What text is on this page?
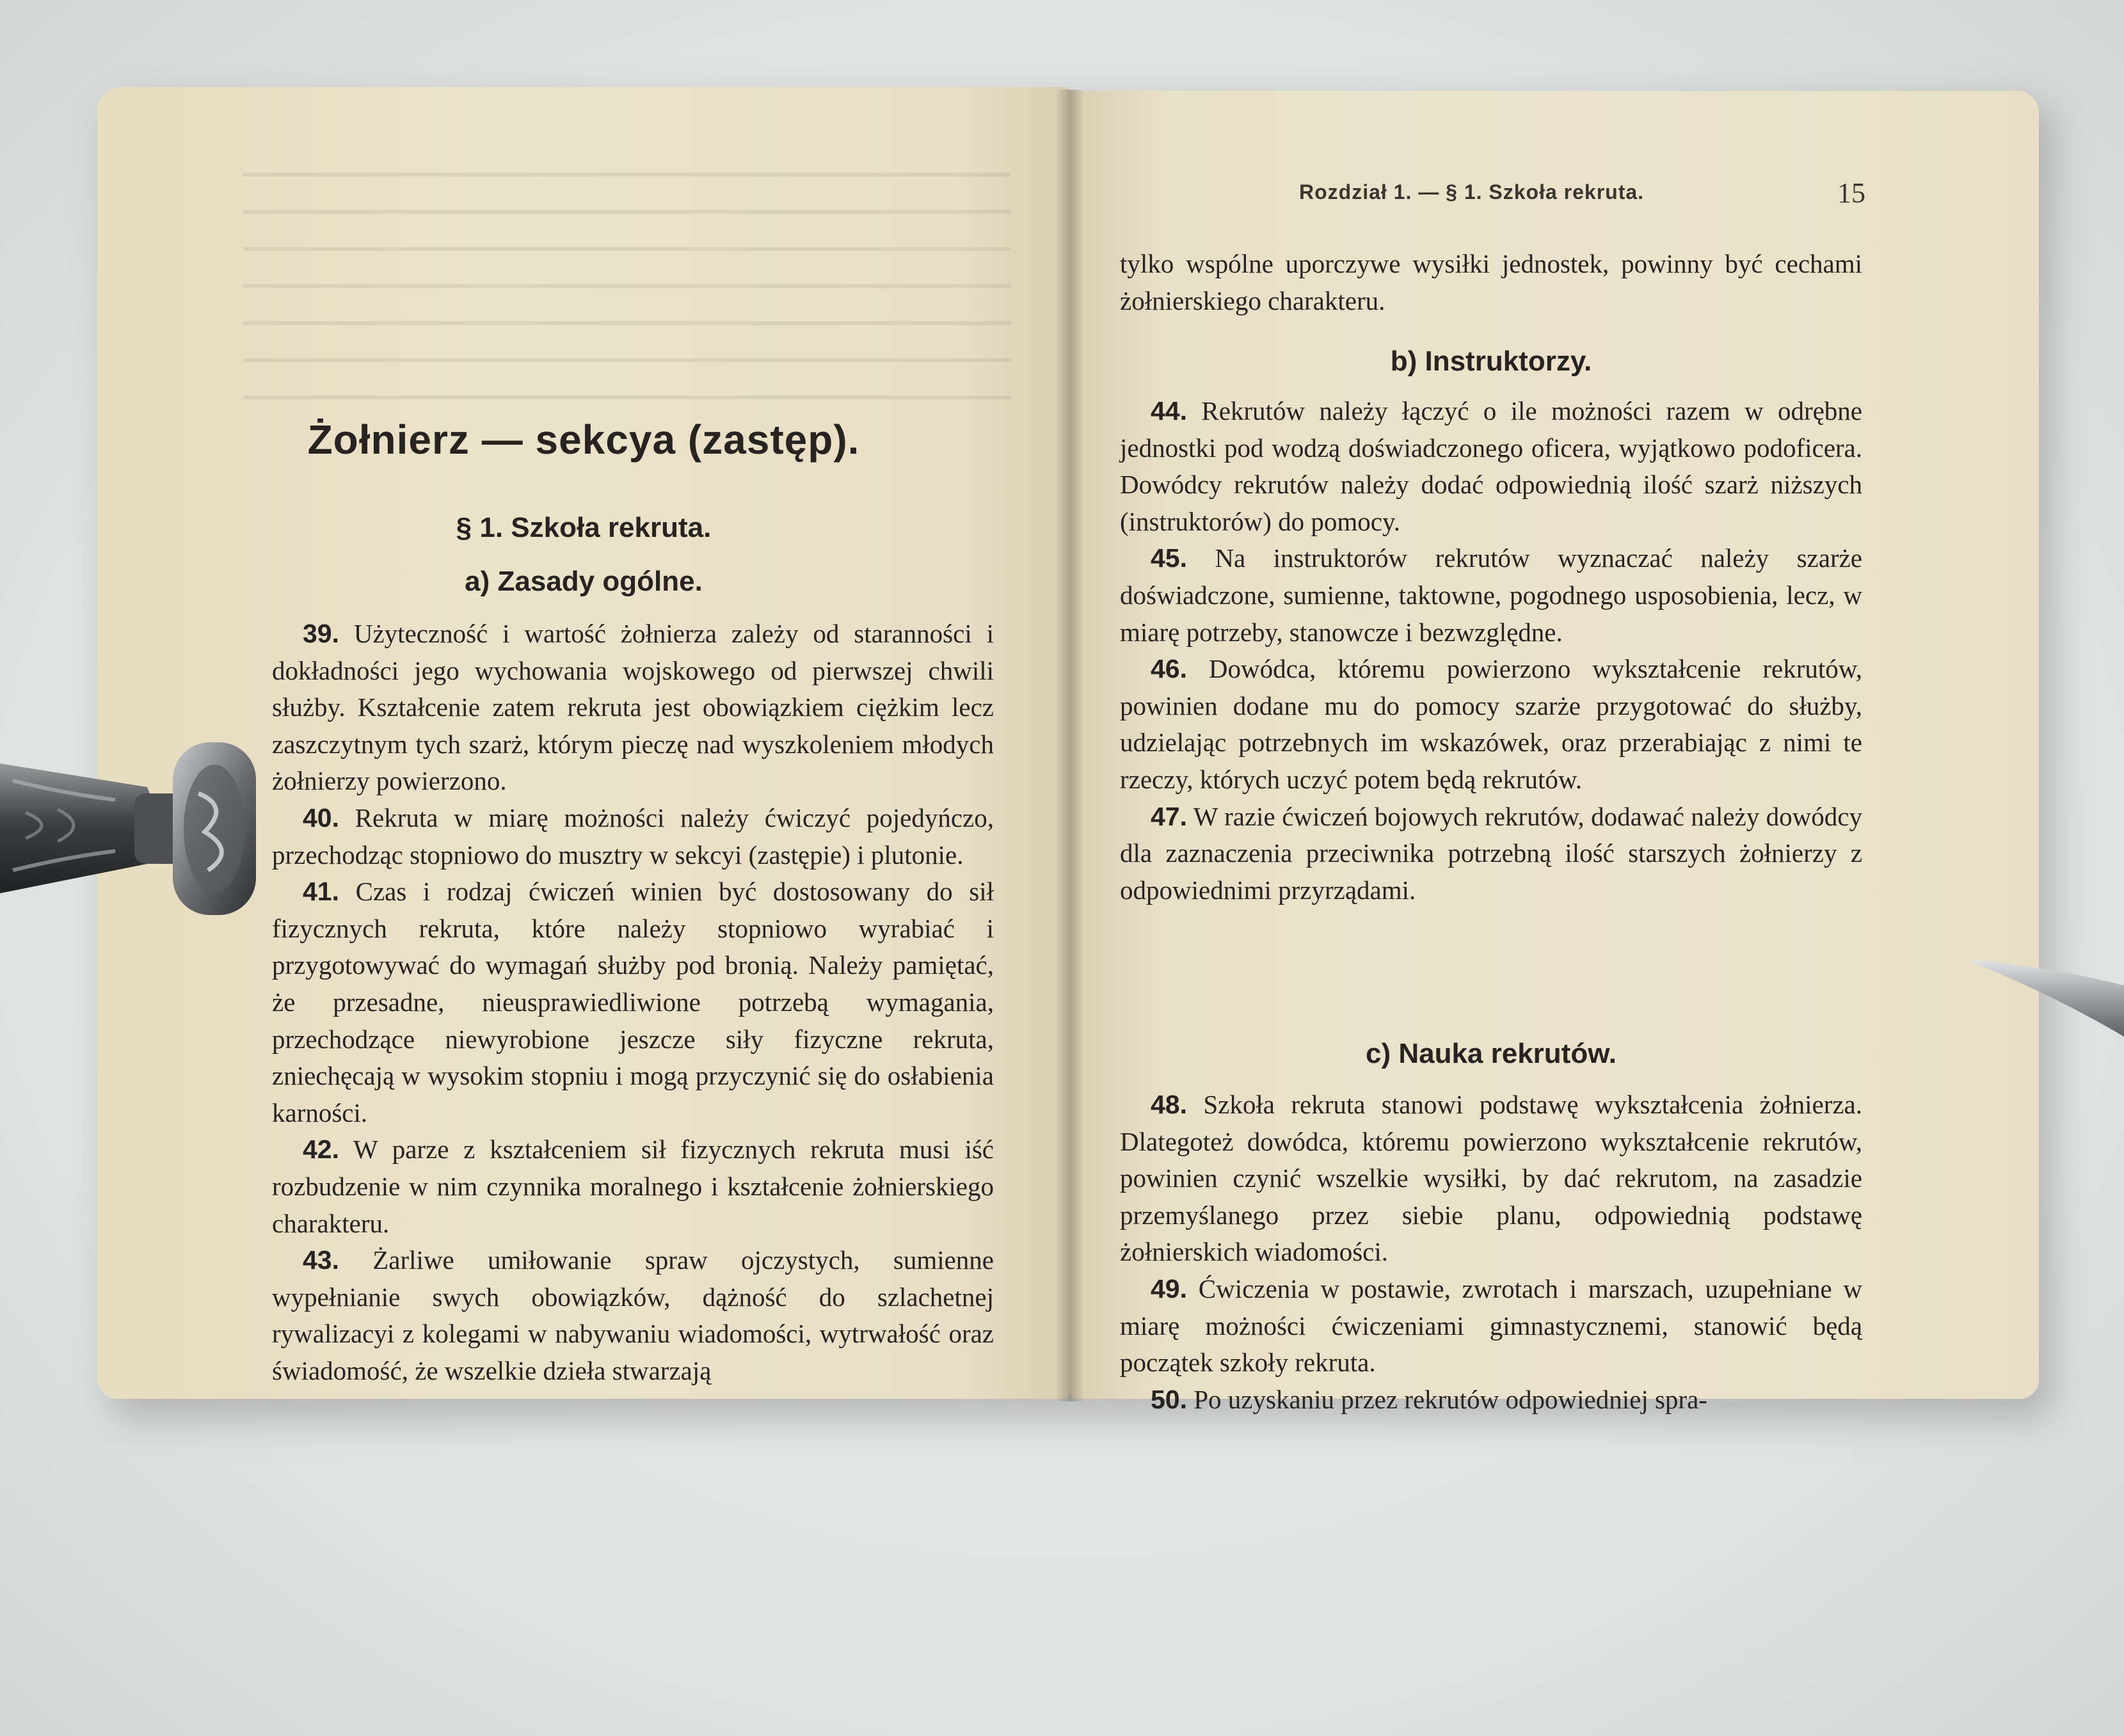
Żołnierz — sekcya (zastęp).
§ 1. Szkoła rekruta.
a) Zasady ogólne.

39. Użyteczność i wartość żołnierza zależy od staranności i dokładności jego wychowania wojskowego od pierwszej chwili służby. Kształcenie zatem rekruta jest obowiązkiem ciężkim lecz zaszczytnym tych szarż, którym pieczę nad wyszkoleniem młodych żołnierzy powierzono.

40. Rekruta w miarę możności należy ćwiczyć pojedyńczo, przechodząc stopniowo do musztry w sekcyi (zastępie) i plutonie.

41. Czas i rodzaj ćwiczeń winien być dostosowany do sił fizycznych rekruta, które należy stopniowo wyrabiać i przygotowywać do wymagań służby pod bronią. Należy pamiętać, że przesadne, nieusprawiedliwione potrzebą wymagania, przechodzące niewyrobione jeszcze siły fizyczne rekruta, zniechęcają w wysokim stopniu i mogą przyczynić się do osłabienia karności.

42. W parze z kształceniem sił fizycznych rekruta musi iść rozbudzenie w nim czynnika moralnego i kształcenie żołnierskiego charakteru.

43. Żarliwe umiłowanie spraw ojczystych, sumienne wypełnianie swych obowiązków, dążność do szlachetnej rywalizacyi z kolegami w nabywaniu wiadomości, wytrwałość oraz świadomość, że wszelkie dzieła stwarzają

Rozdział 1. — § 1. Szkoła rekruta.	15

tylko wspólne uporczywe wysiłki jednostek, powinny być cechami żołnierskiego charakteru.

b) Instruktorzy.

44. Rekrutów należy łączyć o ile możności razem w odrębne jednostki pod wodzą doświadczonego oficera, wyjątkowo podoficera. Dowódcy rekrutów należy dodać odpowiednią ilość szarż niższych (instruktorów) do pomocy.

45. Na instruktorów rekrutów wyznaczać należy szarże doświadczone, sumienne, taktowne, pogodnego usposobienia, lecz, w miarę potrzeby, stanowcze i bezwzględne.

46. Dowódca, któremu powierzono wykształcenie rekrutów, powinien dodane mu do pomocy szarże przygotować do służby, udzielając potrzebnych im wskazówek, oraz przerabiając z nimi te rzeczy, których uczyć potem będą rekrutów.

47. W razie ćwiczeń bojowych rekrutów, dodawać należy dowódcy dla zaznaczenia przeciwnika potrzebną ilość starszych żołnierzy z odpowiednimi przyrządami.

c) Nauka rekrutów.

48. Szkoła rekruta stanowi podstawę wykształcenia żołnierza. Dlategoteż dowódca, któremu powierzono wykształcenie rekrutów, powinien czynić wszelkie wysiłki, by dać rekrutom, na zasadzie przemyślanego przez siebie planu, odpowiednią podstawę żołnierskich wiadomości.

49. Ćwiczenia w postawie, zwrotach i marszach, uzupełniane w miarę możności ćwiczeniami gimnastycznemi, stanowić będą początek szkoły rekruta.

50. Po uzyskaniu przez rekrutów odpowiedniej spra-
